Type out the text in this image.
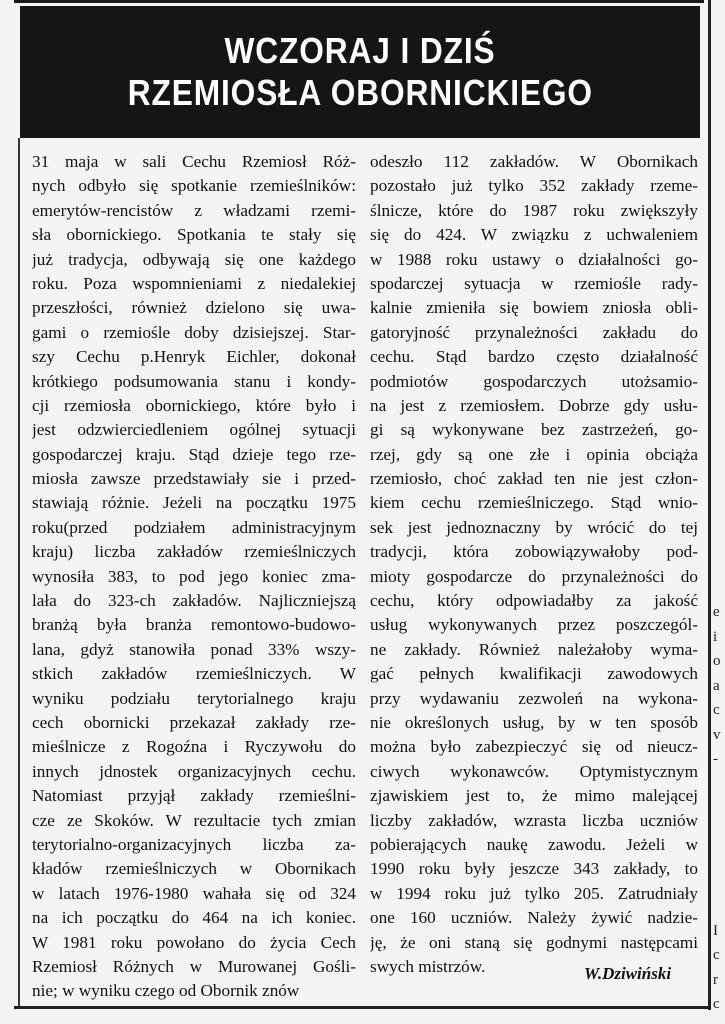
WCZORAJ I DZIŚ
RZEMIOSŁA OBORNICKIEGO
31 maja w sali Cechu Rzemiosł Róż-
nych odbyło się spotkanie rzemieślników:
emerytów-rencistów z władzami rzemi-
sła obornickiego. Spotkania te stały się
już tradycja, odbywają się one każdego
roku. Poza wspomnieniami z niedalekiej
przeszłości, również dzielono się uwa-
gami o rzemiośle doby dzisiejszej. Star-
szy Cechu p.Henryk Eichler, dokonał
krótkiego podsumowania stanu i kondy-
cji rzemiosła obornickiego, które było i
jest odzwierciedleniem ogólnej sytuacji
gospodarczej kraju. Stąd dzieje tego rze-
miosła zawsze przedstawiały sie i przed-
stawiają różnie. Jeżeli na początku 1975
roku(przed podziałem administracyjnym
kraju) liczba zakładów rzemieślniczych
wynosiła 383, to pod jego koniec zma-
lała do 323-ch zakładów. Najliczniejszą
branżą była branża remontowo-budowo-
lana, gdyż stanowiła ponad 33% wszy-
stkich zakładów rzemieślniczych. W
wyniku podziału terytorialnego kraju
cech obornicki przekazał zakłady rze-
mieślnicze z Rogoźna i Ryczywołu do
innych jdnostek organizacyjnych cechu.
Natomiast przyjął zakłady rzemieślni-
cze ze Skoków. W rezultacie tych zmian
terytorialno-organizacyjnych liczba za-
kładów rzemieślniczych w Obornikach
w latach 1976-1980 wahała się od 324
na ich początku do 464 na ich koniec.
W 1981 roku powołano do życia Cech
Rzemiosł Różnych w Murowanej Gośli-
nie; w wyniku czego od Obornik znów
odeszło 112 zakładów. W Obornikach
pozostało już tylko 352 zakłady rzeme-
ślnicze, które do 1987 roku zwiększyły
się do 424. W związku z uchwaleniem
w 1988 roku ustawy o działalności go-
spodarczej sytuacja w rzemiośle rady-
kalnie zmieniła się bowiem zniosła obli-
gatoryjność przynależności zakładu do
cechu. Stąd bardzo często działalność
podmiotów gospodarczych utożsamio-
na jest z rzemiosłem. Dobrze gdy usłu-
gi są wykonywane bez zastrzeżeń, go-
rzej, gdy są one złe i opinia obciąża
rzemiosło, choć zakład ten nie jest człon-
kiem cechu rzemieślniczego. Stąd wnio-
sek jest jednoznaczny by wrócić do tej
tradycji, która zobowiązywałoby pod-
mioty gospodarcze do przynależności do
cechu, który odpowiadałby za jakość
usług wykonywanych przez poszczegól-
ne zakłady. Również należałoby wyma-
gać pełnych kwalifikacji zawodowych
przy wydawaniu zezwoleń na wykona-
nie określonych usług, by w ten sposób
można było zabezpieczyć się od nieucz-
ciwych wykonawców. Optymistycznym
zjawiskiem jest to, że mimo malejącej
liczby zakładów, wzrasta liczba uczniów
pobierających naukę zawodu. Jeżeli w
1990 roku były jeszcze 343 zakłady, to
w 1994 roku już tylko 205. Zatrudniały
one 160 uczniów. Należy żywić nadzie-
ję, że oni staną się godnymi następcami
swych mistrzów.	W.Dziwiński
e
i
o
a
c
v
-
I
c
r
c
